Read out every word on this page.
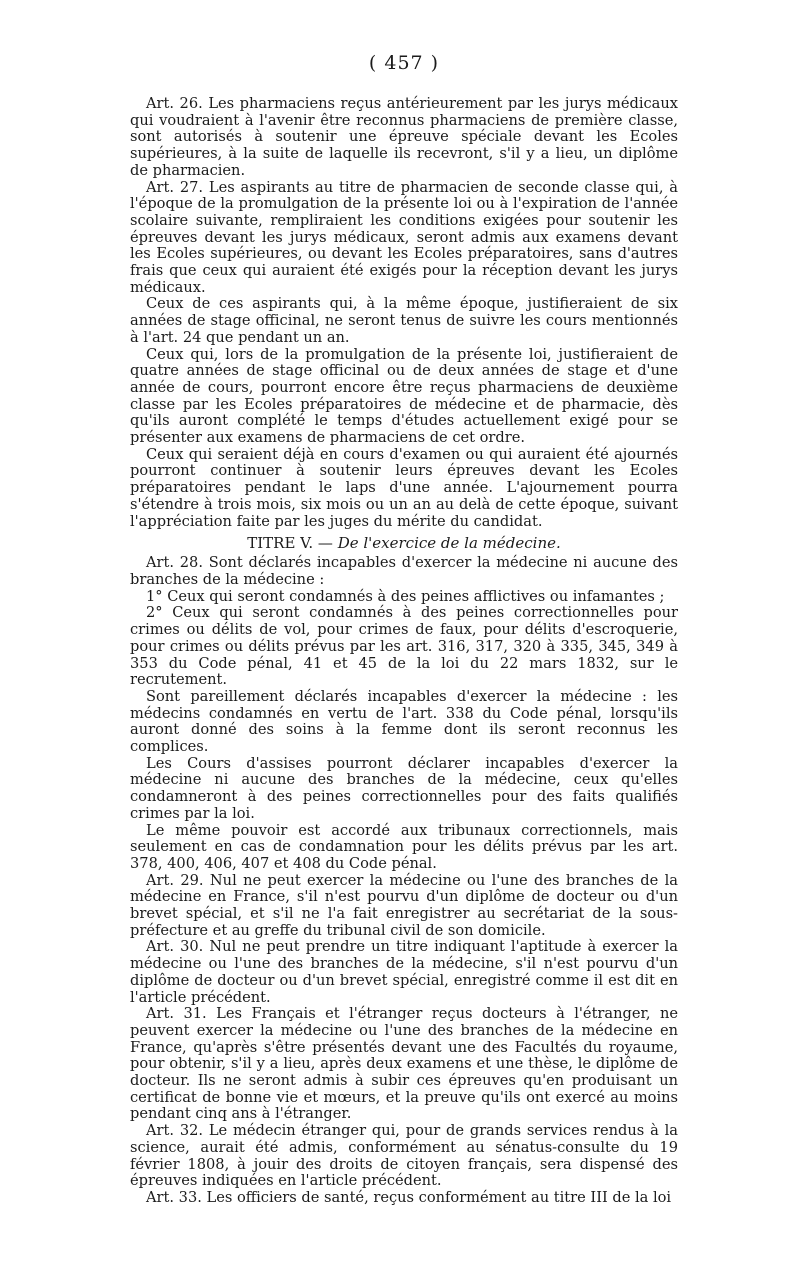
( 457 )

Art. 26. Les pharmaciens reçus antérieurement par les jurys médicaux qui voudraient à l'avenir être reconnus pharmaciens de première classe, sont autorisés à soutenir une épreuve spéciale devant les Ecoles supérieures, à la suite de laquelle ils recevront, s'il y a lieu, un diplôme de pharmacien.

Art. 27. Les aspirants au titre de pharmacien de seconde classe qui, à l'époque de la promulgation de la présente loi ou à l'expiration de l'année scolaire suivante, rempliraient les conditions exigées pour soutenir les épreuves devant les jurys médicaux, seront admis aux examens devant les Ecoles supérieures, ou devant les Ecoles préparatoires, sans d'autres frais que ceux qui auraient été exigés pour la réception devant les jurys médicaux.

Ceux de ces aspirants qui, à la même époque, justifieraient de six années de stage officinal, ne seront tenus de suivre les cours mentionnés à l'art. 24 que pendant un an.

Ceux qui, lors de la promulgation de la présente loi, justifieraient de quatre années de stage officinal ou de deux années de stage et d'une année de cours, pourront encore être reçus pharmaciens de deuxième classe par les Ecoles préparatoires de médecine et de pharmacie, dès qu'ils auront complété le temps d'études actuellement exigé pour se présenter aux examens de pharmaciens de cet ordre.

Ceux qui seraient déjà en cours d'examen ou qui auraient été ajournés pourront continuer à soutenir leurs épreuves devant les Ecoles préparatoires pendant le laps d'une année. L'ajournement pourra s'étendre à trois mois, six mois ou un an au delà de cette époque, suivant l'appréciation faite par les juges du mérite du candidat.

TITRE V. — De l'exercice de la médecine.

Art. 28. Sont déclarés incapables d'exercer la médecine ni aucune des branches de la médecine :

1° Ceux qui seront condamnés à des peines afflictives ou infamantes ;

2° Ceux qui seront condamnés à des peines correctionnelles pour crimes ou délits de vol, pour crimes de faux, pour délits d'escroquerie, pour crimes ou délits prévus par les art. 316, 317, 320 à 335, 345, 349 à 353 du Code pénal, 41 et 45 de la loi du 22 mars 1832, sur le recrutement.

Sont pareillement déclarés incapables d'exercer la médecine : les médecins condamnés en vertu de l'art. 338 du Code pénal, lorsqu'ils auront donné des soins à la femme dont ils seront reconnus les complices.

Les Cours d'assises pourront déclarer incapables d'exercer la médecine ni aucune des branches de la médecine, ceux qu'elles condamneront à des peines correctionnelles pour des faits qualifiés crimes par la loi.

Le même pouvoir est accordé aux tribunaux correctionnels, mais seulement en cas de condamnation pour les délits prévus par les art. 378, 400, 406, 407 et 408 du Code pénal.

Art. 29. Nul ne peut exercer la médecine ou l'une des branches de la médecine en France, s'il n'est pourvu d'un diplôme de docteur ou d'un brevet spécial, et s'il ne l'a fait enregistrer au secrétariat de la sous-préfecture et au greffe du tribunal civil de son domicile.

Art. 30. Nul ne peut prendre un titre indiquant l'aptitude à exercer la médecine ou l'une des branches de la médecine, s'il n'est pourvu d'un diplôme de docteur ou d'un brevet spécial, enregistré comme il est dit en l'article précédent.

Art. 31. Les Français et l'étranger reçus docteurs à l'étranger, ne peuvent exercer la médecine ou l'une des branches de la médecine en France, qu'après s'être présentés devant une des Facultés du royaume, pour obtenir, s'il y a lieu, après deux examens et une thèse, le diplôme de docteur. Ils ne seront admis à subir ces épreuves qu'en produisant un certificat de bonne vie et mœurs, et la preuve qu'ils ont exercé au moins pendant cinq ans à l'étranger.

Art. 32. Le médecin étranger qui, pour de grands services rendus à la science, aurait été admis, conformément au sénatus-consulte du 19 février 1808, à jouir des droits de citoyen français, sera dispensé des épreuves indiquées en l'article précédent.

Art. 33. Les officiers de santé, reçus conformément au titre III de la loi
